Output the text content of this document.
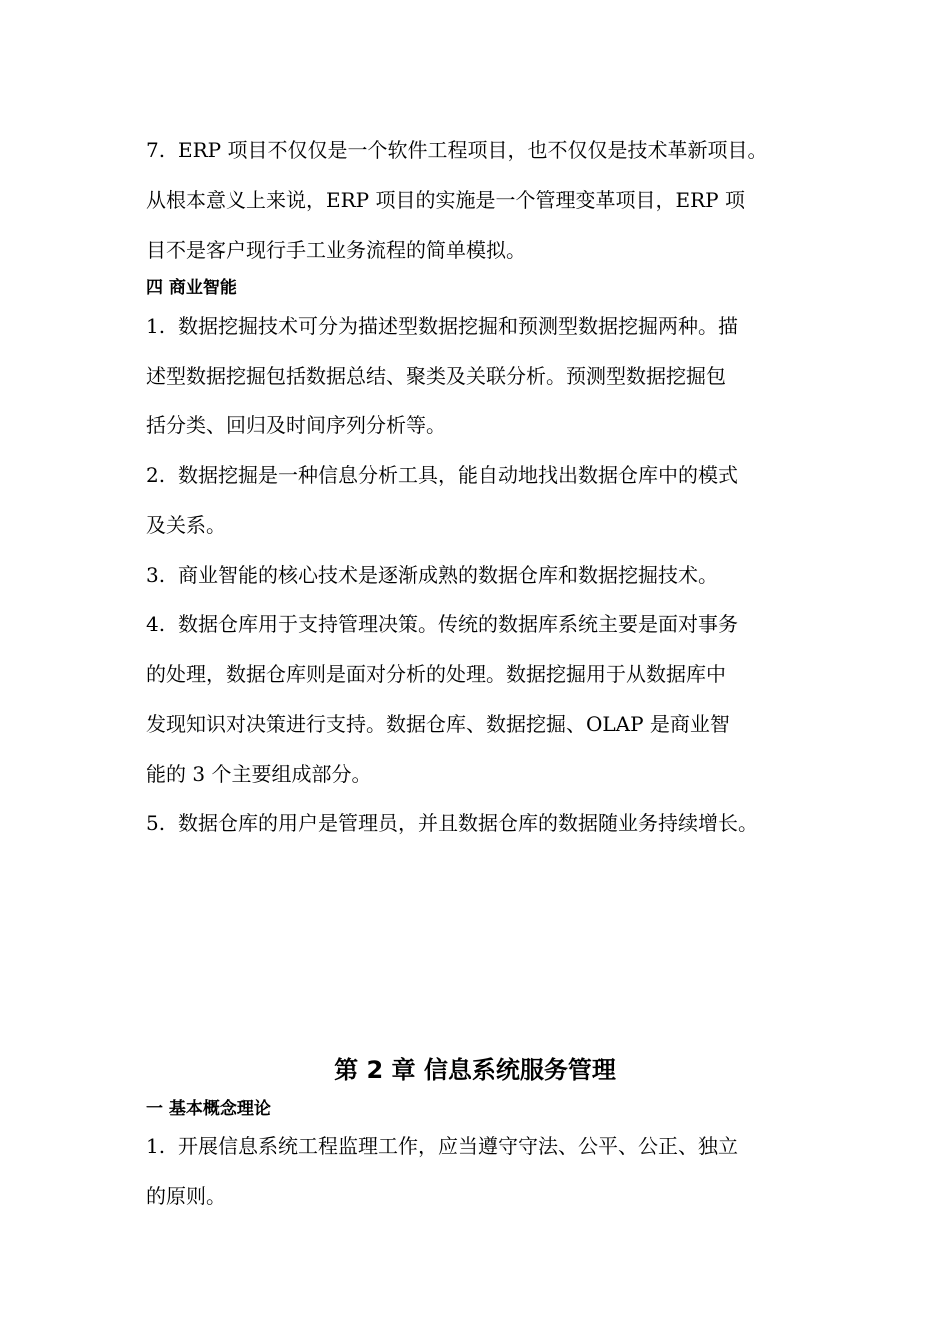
7. ERP 项目不仅仅是一个软件工程项目，也不仅仅是技术革新项目。
从根本意义上来说，ERP 项目的实施是一个管理变革项目，ERP 项
目不是客户现行手工业务流程的简单模拟。
四 商业智能
1. 数据挖掘技术可分为描述型数据挖掘和预测型数据挖掘两种。描
述型数据挖掘包括数据总结、聚类及关联分析。预测型数据挖掘包
括分类、回归及时间序列分析等。
2. 数据挖掘是一种信息分析工具，能自动地找出数据仓库中的模式
及关系。
3. 商业智能的核心技术是逐渐成熟的数据仓库和数据挖掘技术。
4. 数据仓库用于支持管理决策。传统的数据库系统主要是面对事务
的处理，数据仓库则是面对分析的处理。数据挖掘用于从数据库中
发现知识对决策进行支持。数据仓库、数据挖掘、OLAP 是商业智
能的 3 个主要组成部分。
5. 数据仓库的用户是管理员，并且数据仓库的数据随业务持续增长。
第 2 章 信息系统服务管理
一 基本概念理论
1. 开展信息系统工程监理工作，应当遵守守法、公平、公正、独立
的原则。
